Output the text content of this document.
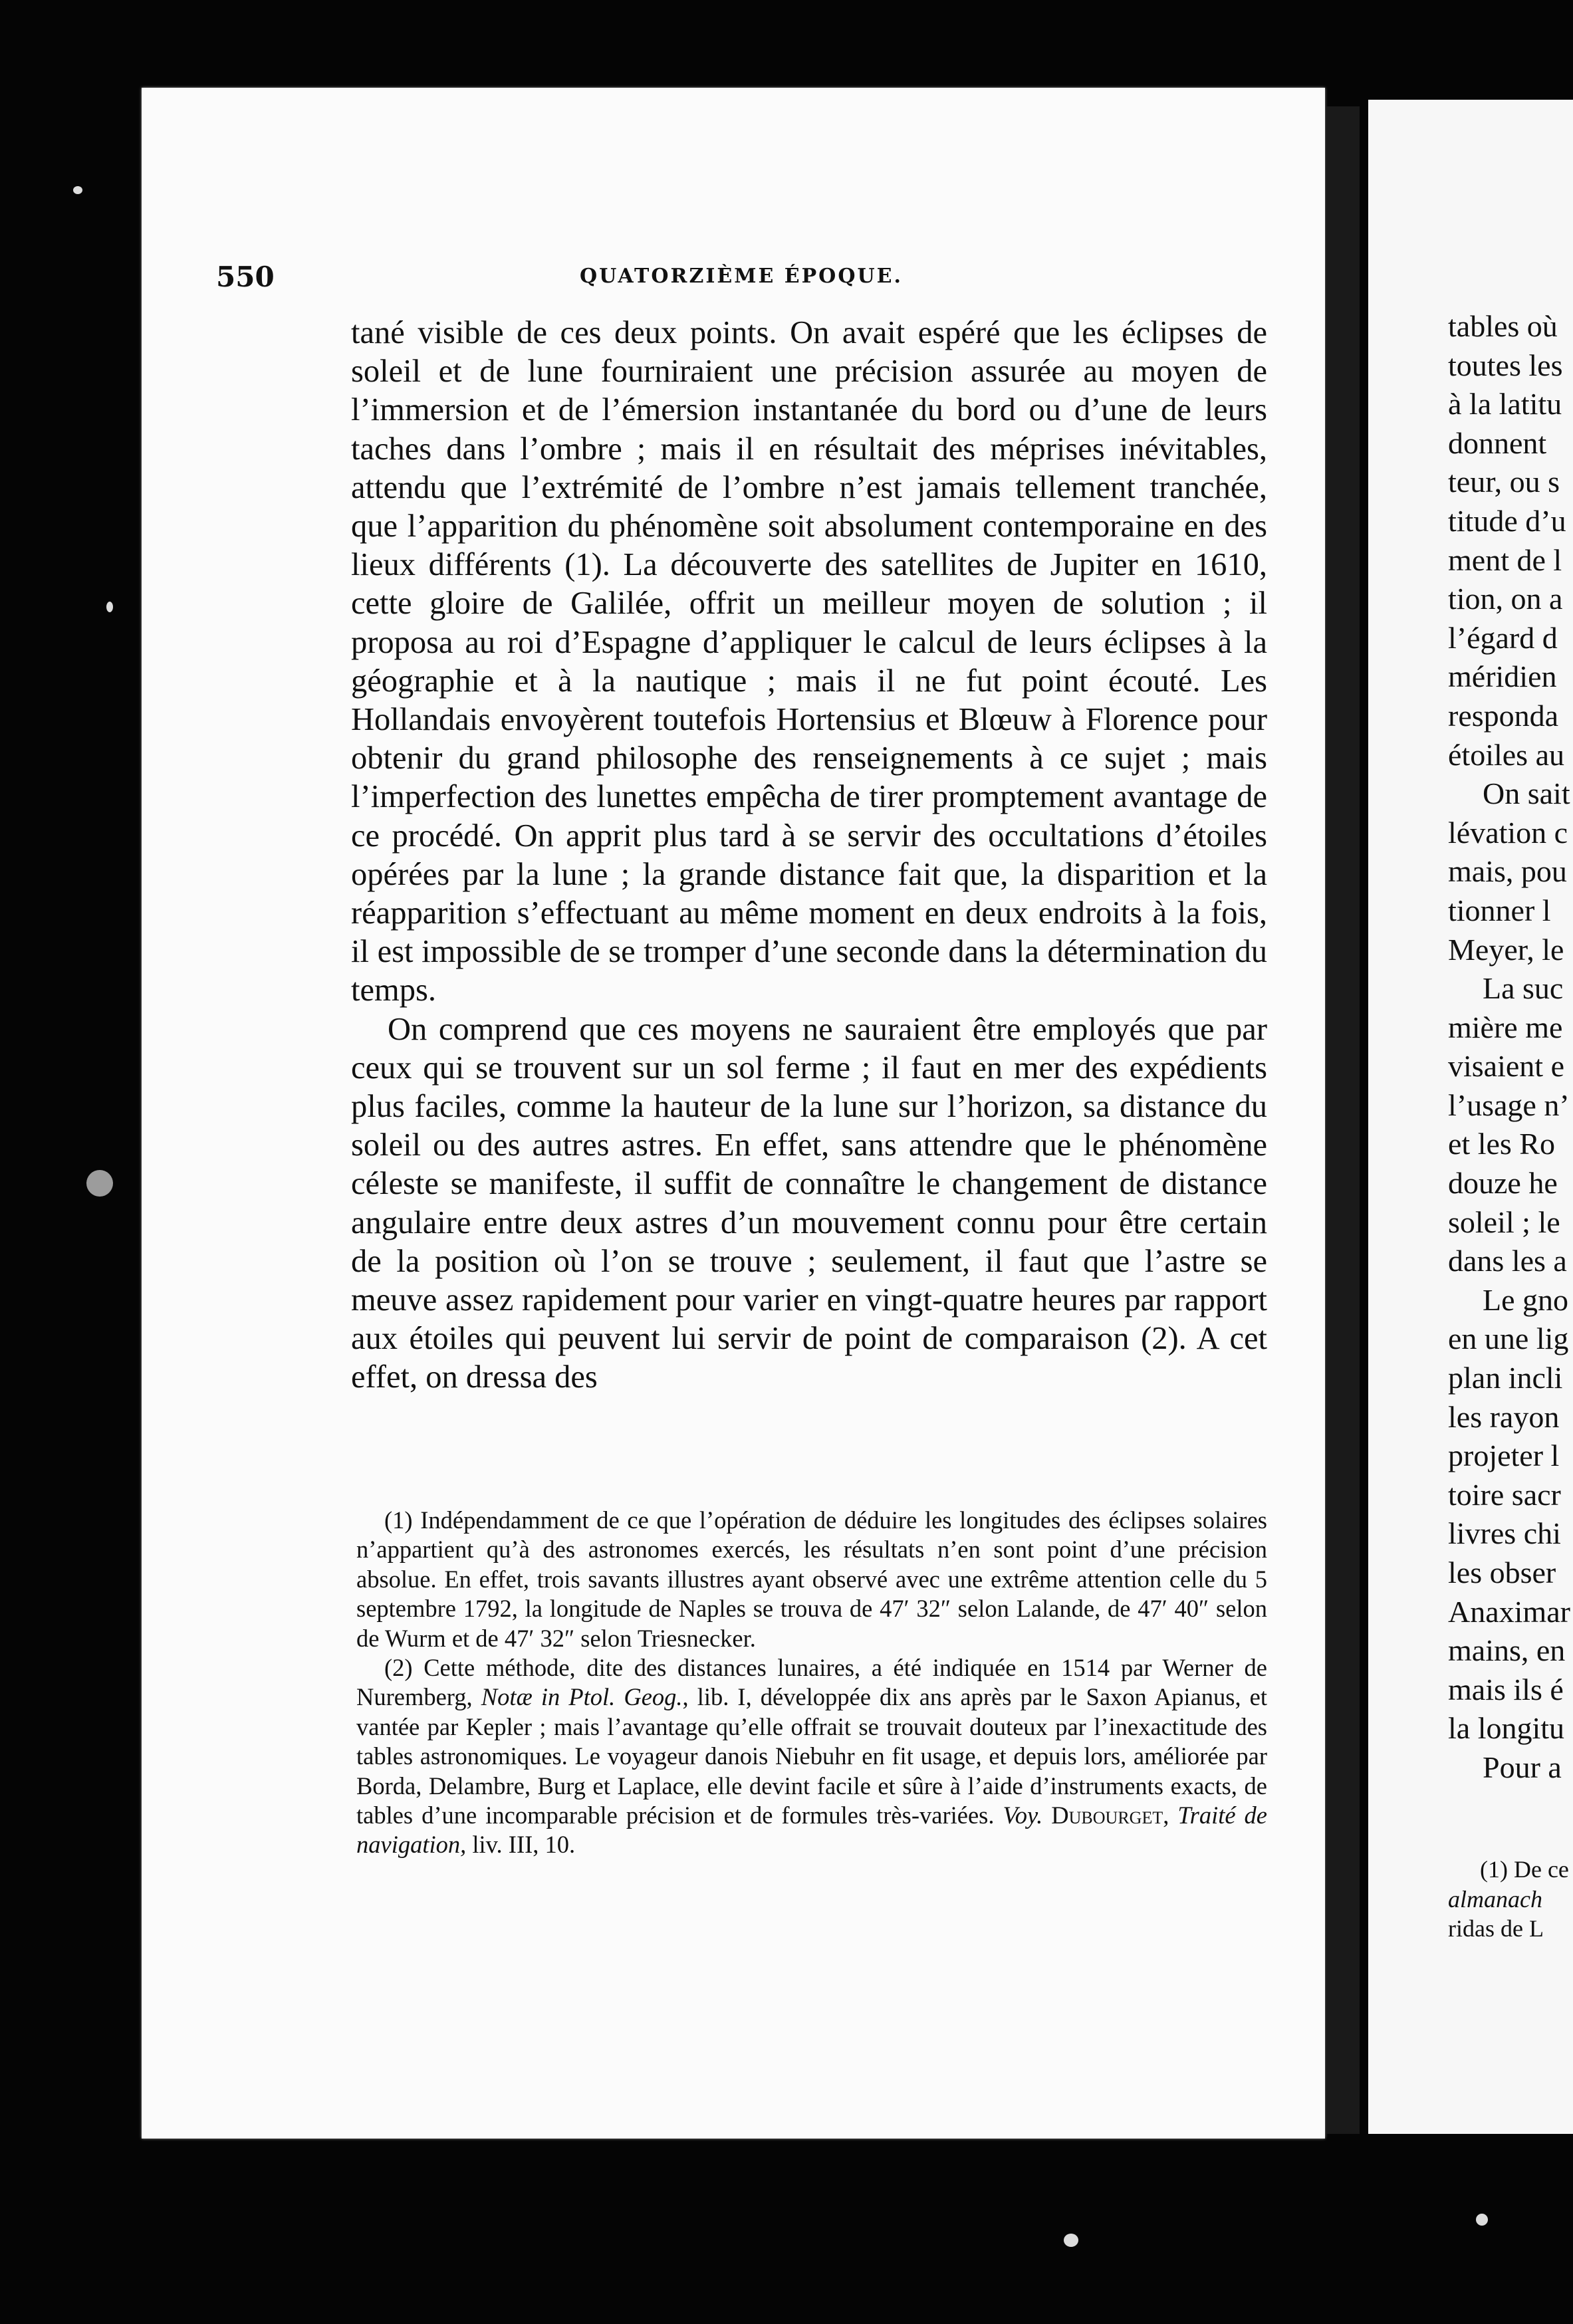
550	QUATORZIÈME ÉPOQUE.

tané visible de ces deux points. On avait espéré que les éclipses de soleil et de lune fourniraient une précision assurée au moyen de l’immersion et de l’émersion instantanée du bord ou d’une de leurs taches dans l’ombre ; mais il en résultait des méprises inévitables, attendu que l’extrémité de l’ombre n’est jamais tellement tranchée, que l’apparition du phénomène soit absolument contemporaine en des lieux différents (1). La découverte des satellites de Jupiter en 1610, cette gloire de Galilée, offrit un meilleur moyen de solution ; il proposa au roi d’Espagne d’appliquer le calcul de leurs éclipses à la géographie et à la nautique ; mais il ne fut point écouté. Les Hollandais envoyèrent toutefois Hortensius et Blœuw à Florence pour obtenir du grand philosophe des renseignements à ce sujet ; mais l’imperfection des lunettes empêcha de tirer promptement avantage de ce procédé. On apprit plus tard à se servir des occultations d’étoiles opérées par la lune ; la grande distance fait que, la disparition et la réapparition s’effectuant au même moment en deux endroits à la fois, il est impossible de se tromper d’une seconde dans la détermination du temps.

On comprend que ces moyens ne sauraient être employés que par ceux qui se trouvent sur un sol ferme ; il faut en mer des expédients plus faciles, comme la hauteur de la lune sur l’horizon, sa distance du soleil ou des autres astres. En effet, sans attendre que le phénomène céleste se manifeste, il suffit de connaître le changement de distance angulaire entre deux astres d’un mouvement connu pour être certain de la position où l’on se trouve ; seulement, il faut que l’astre se meuve assez rapidement pour varier en vingt-quatre heures par rapport aux étoiles qui peuvent lui servir de point de comparaison (2). A cet effet, on dressa des

(1) Indépendamment de ce que l’opération de déduire les longitudes des éclipses solaires n’appartient qu’à des astronomes exercés, les résultats n’en sont point d’une précision absolue. En effet, trois savants illustres ayant observé avec une extrême attention celle du 5 septembre 1792, la longitude de Naples se trouva de 47′ 32″ selon Lalande, de 47′ 40″ selon de Wurm et de 47′ 32″ selon Triesnecker.

(2) Cette méthode, dite des distances lunaires, a été indiquée en 1514 par Werner de Nuremberg, Notæ in Ptol. Geog., lib. I, développée dix ans après par le Saxon Apianus, et vantée par Kepler ; mais l’avantage qu’elle offrait se trouvait douteux par l’inexactitude des tables astronomiques. Le voyageur danois Niebuhr en fit usage, et depuis lors, améliorée par Borda, Delambre, Burg et Laplace, elle devint facile et sûre à l’aide d’instruments exacts, de tables d’une incomparable précision et de formules très-variées. Voy. Dubourget, Traité de navigation, liv. III, 10.

tables où
toutes les
à la latitu
donnent
teur, ou s
titude d’u
ment de l
tion, on a
l’égard d
méridien
responda
étoiles au
On sait
lévation c
mais, pou
tionner l
Meyer, le
La suc
mière me
visaient e
l’usage n’
et les Ro
douze he
soleil ; le
dans les a
Le gno
en une lig
plan incli
les rayon
projeter l
toire sacr
livres chi
les obser
Anaximar
mains, en
mais ils é
la longitu
Pour a
(1) De ce
almanach
ridas de L
